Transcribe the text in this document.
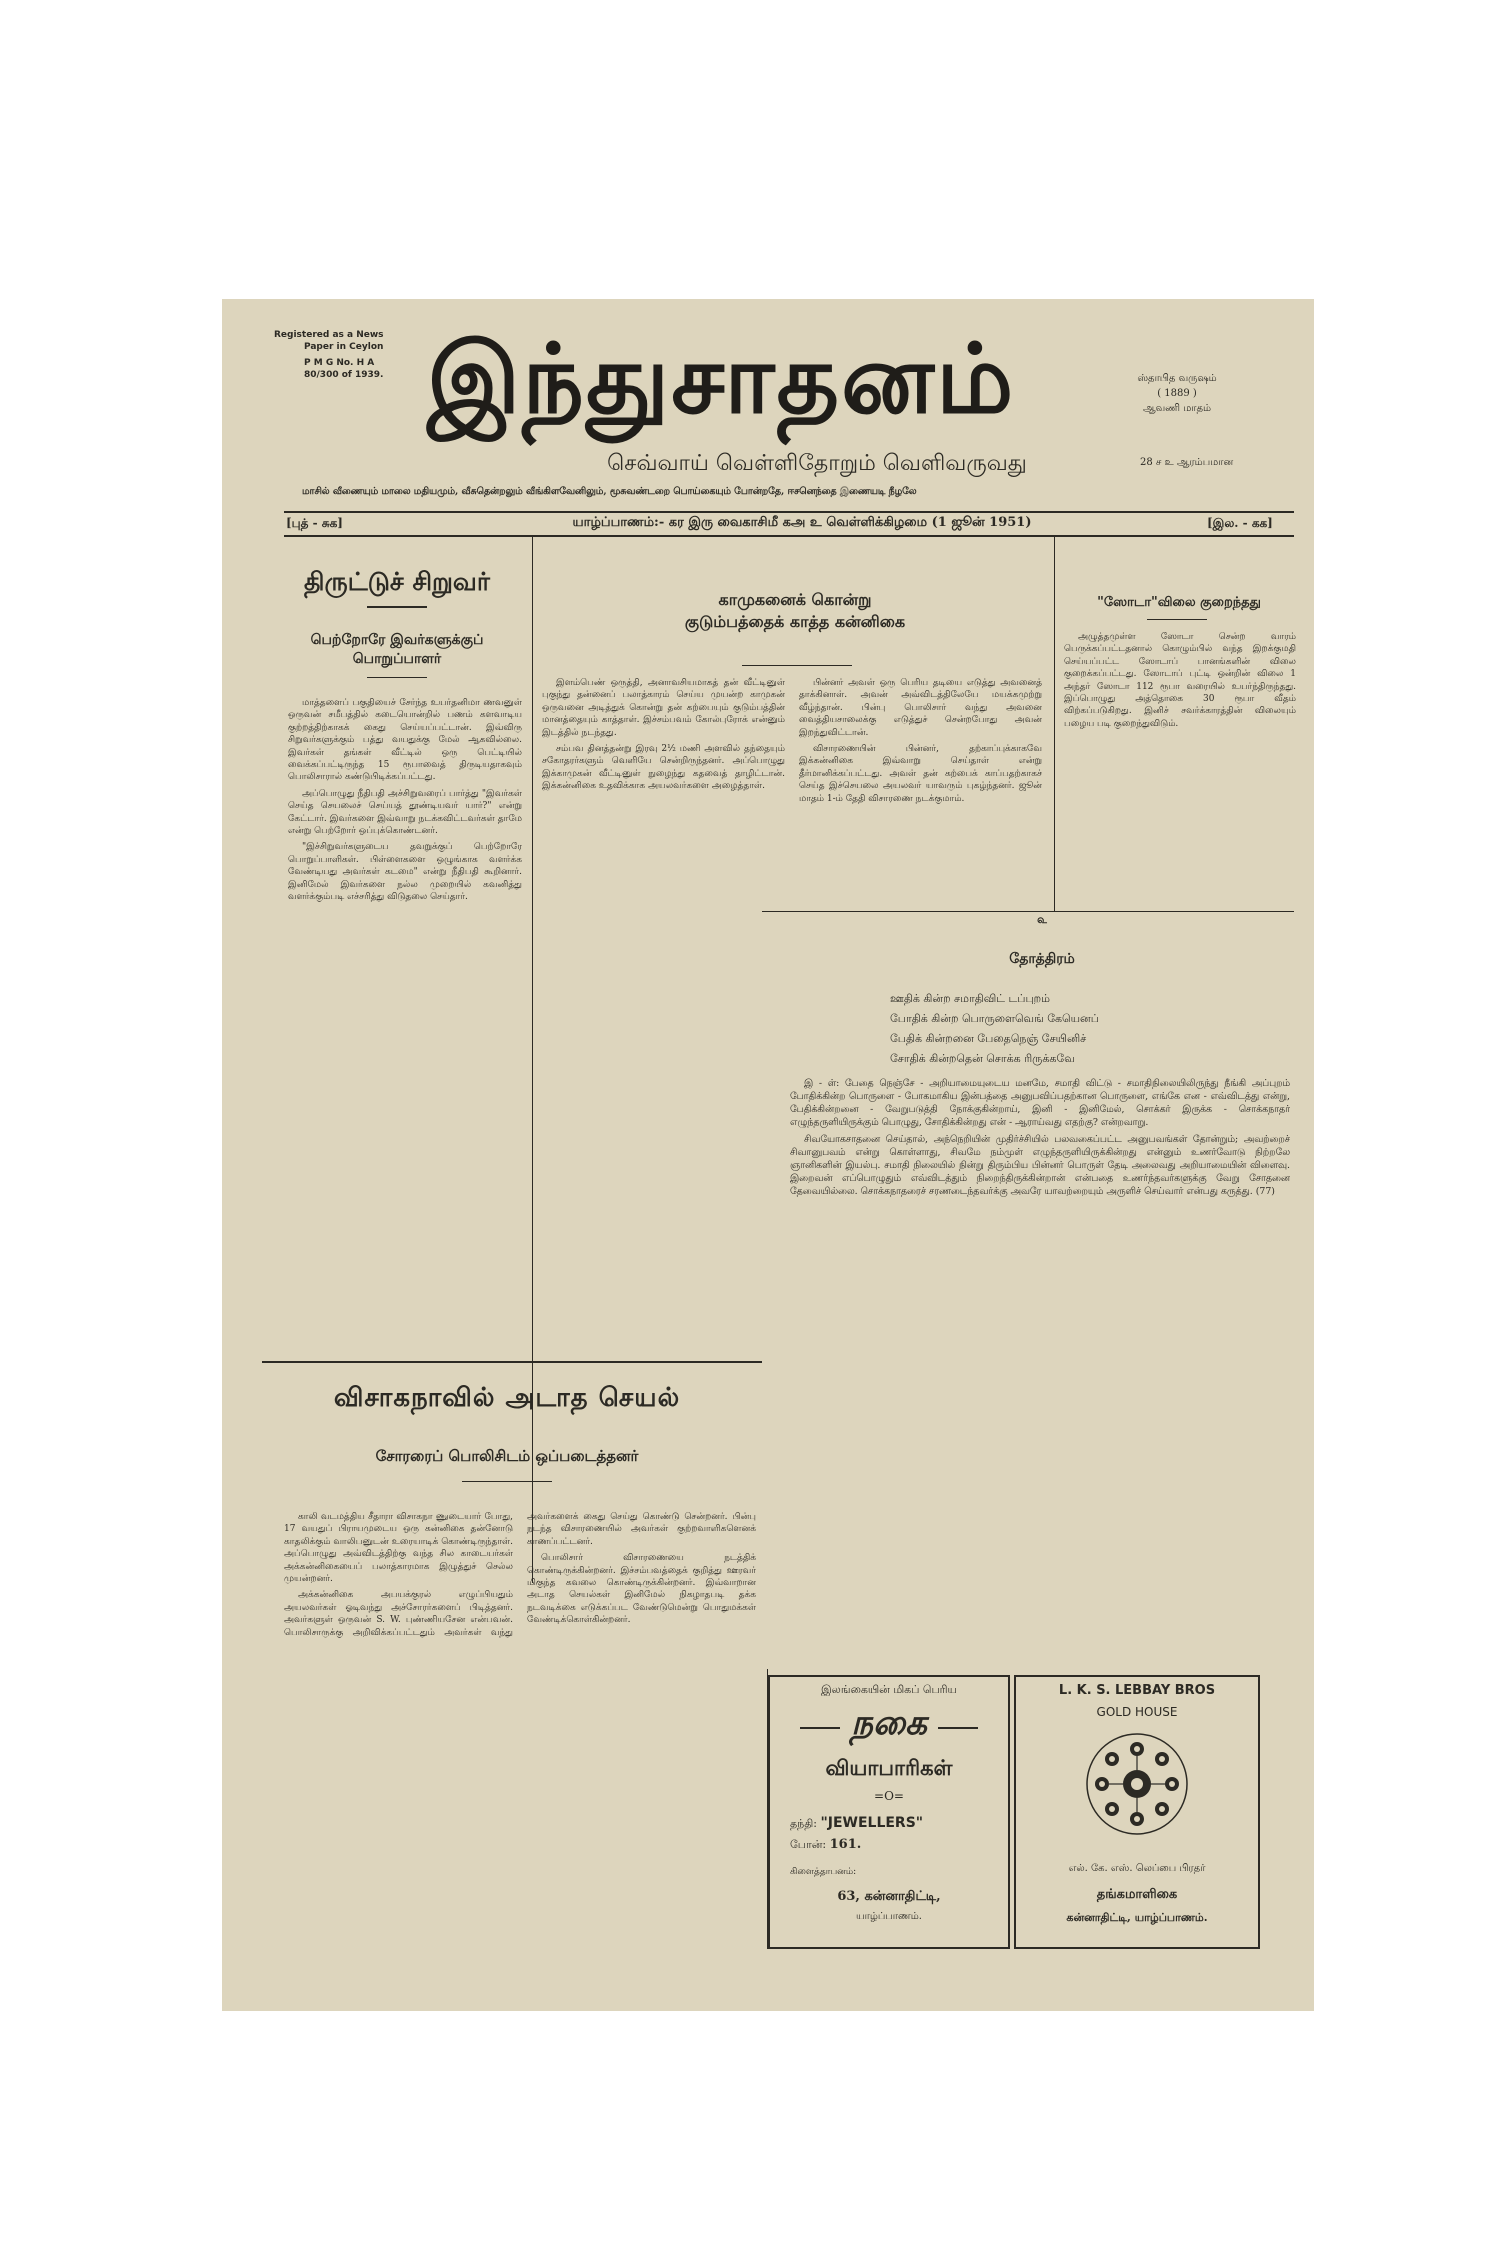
Registered as a News
Paper in Ceylon
P M G No. H A
80/300 of 1939. இந்துசாதனம்	ஸ்தாபித வருஷம்
( 1889 )
ஆவணி மாதம்
28 ச உ ஆரம்பமான
செவ்வாய் வெள்ளிதோறும் வெளிவருவது
மாசில் வீணையும் மாலை மதியமும், வீசுதென்றலும் வீங்கிளவேனிலும், மூசுவண்டறை பொய்கையும் போன்றதே, ஈசனெந்தை இணையடி நீழலே
[புத் - சுக]	யாழ்ப்பாணம்:- கர இரு வைகாசிமீ கஅ உ வெள்ளிக்கிழமை (1 ஜூன் 1951)	[இல. - கக]
திருட்டுச் சிறுவர்
பெற்றோரே இவர்களுக்குப் பொறுப்பாளர்

மாத்தளைப் பகுதியைச் சேர்ந்த உயர்தனிமா ணவனுள் ஒருவன் சமீபத்தில் கடையொன்றில் பணம் களவாடிய குற்றத்திற்காகக் கைது செய்யப்பட்டான். இவ்விரு சிறுவர்களுக்கும் பத்து வயதுக்கு மேல் ஆகவில்லை. இவர்கள் தங்கள் வீட்டில் ஒரு பெட்டியில் வைக்கப்பட்டிருந்த 15 ரூபாவைத் திருடியதாகவும் பொலிசாரால் கண்டுபிடிக்கப்பட்டது.

அப்பொழுது நீதிபதி அச்சிறுவரைப் பார்த்து "இவர்கள் செய்த செயலைச் செய்யத் தூண்டியவர் யார்?" என்று கேட்டார். இவர்களை இவ்வாறு நடக்கவிட்டவர்கள் தாமே என்று பெற்றோர் ஒப்புக்கொண்டனர்.

"இச்சிறுவர்களுடைய தவறுக்குப் பெற்றோரே பொறுப்பாளிகள். பிள்ளைகளை ஒழுங்காக வளர்க்க வேண்டியது அவர்கள் கடமை" என்று நீதிபதி கூறினார். இனிமேல் இவர்களை நல்ல முறையில் கவனித்து வளர்க்கும்படி எச்சரித்து விடுதலை செய்தார்.

காமுகனைக் கொன்று
குடும்பத்தைக் காத்த கன்னிகை

இளம்பெண் ஒருத்தி, அனாவசியமாகத் தன் வீட்டினுள் புகுந்து தன்னைப் பலாத்காரம் செய்ய முயன்ற காமுகன் ஒருவனை அடித்துக் கொன்று தன் கற்பையும் குடும்பத்தின் மானத்தையும் காத்தாள். இச்சம்பவம் கோல்புரோக் என்னும் இடத்தில் நடந்தது.

சம்பவ தினத்தன்று இரவு 2½ மணி அளவில் தந்தையும் சகோதரர்களும் வெளியே சென்றிருந்தனர். அப்பொழுது இக்காமுகன் வீட்டினுள் நுழைந்து கதவைத் தாழிட்டான். இக்கன்னிகை உதவிக்காக அயலவர்களை அழைத்தாள்.

பின்னர் அவள் ஒரு பெரிய தடியை எடுத்து அவனைத் தாக்கினாள். அவன் அவ்விடத்திலேயே மயக்கமுற்று வீழ்ந்தான். பின்பு பொலிசார் வந்து அவனை வைத்தியசாலைக்கு எடுத்துச் சென்றபோது அவன் இறந்துவிட்டான்.

விசாரணையின் பின்னர், தற்காப்புக்காகவே இக்கன்னிகை இவ்வாறு செய்தாள் என்று தீர்மானிக்கப்பட்டது. அவள் தன் கற்பைக் காப்பதற்காகச் செய்த இச்செயலை அயலவர் யாவரும் புகழ்ந்தனர். ஜூன் மாதம் 1-ம் தேதி விசாரணை நடக்குமாம்.

"ஸோடா"விலை குறைந்தது

அழுத்தமுள்ள ஸோடா சென்ற வாரம் பெருக்கப்பட்டதனால் கொழும்பில் வந்த இறக்குமதி செய்யப்பட்ட ஸோடாப் பானங்களின் விலை குறைக்கப்பட்டது. ஸோடாப் புட்டி ஒன்றின் விலை 1 அந்தர் ஸோடா 112 ரூபா வரையில் உயர்ந்திருந்தது. இப்பொழுது அத்தொகை 30 ரூபா வீதம் விற்கப்படுகிறது. இனிச் சவர்க்காரத்தின் விலையும் பழைய படி குறைந்துவிடும்.

௳
தோத்திரம்
ஊதிக் கின்ற சமாதிவிட் டப்புறம்
போதிக் கின்ற பொருளைவெங் கேயெனப்
பேதிக் கின்றனை பேதைநெஞ் சேயினிச்
சோதிக் கின்றதென் சொக்க ரிருக்கவே

இ - ள்: பேதை நெஞ்சே - அறியாமையுடைய மனமே, சமாதி விட்டு - சமாதிநிலையிலிருந்து நீங்கி அப்புறம் போதிக்கின்ற பொருளை - போகமாகிய இன்பத்தை அனுபவிப்பதற்கான பொருளை, எங்கே என - எவ்விடத்து என்று, பேதிக்கின்றனை - வேறுபடுத்தி நோக்குகின்றாய், இனி - இனிமேல், சொக்கர் இருக்க - சொக்கநாதர் எழுந்தருளியிருக்கும் பொழுது, சோதிக்கின்றது என் - ஆராய்வது எதற்கு? என்றவாறு.

சிவயோகசாதனை செய்தால், அந்நெறியின் முதிர்ச்சியில் பலவகைப்பட்ட அனுபவங்கள் தோன்றும்; அவற்றைச் சிவானுபவம் என்று கொள்ளாது, சிவமே நம்முள் எழுந்தருளியிருக்கின்றது என்னும் உணர்வோடு நிற்றலே ஞானிகளின் இயல்பு. சமாதி நிலையில் நின்று திரும்பிய பின்னர் பொருள் தேடி அலைவது அறியாமையின் விளைவு. இறைவன் எப்பொழுதும் எவ்விடத்தும் நிறைந்திருக்கின்றான் என்பதை உணர்ந்தவர்களுக்கு வேறு சோதனை தேவையில்லை. சொக்கநாதரைச் சரணடைந்தவர்க்கு அவரே யாவற்றையும் அருளிச் செய்வார் என்பது கருத்து. (77)

விசாகநாவில் அடாத செயல்
சோரரைப் பொலிசிடம் ஒப்படைத்தனர்

காலி வடமத்திய சீதாரா விசாகநா ணுடையார் போது, 17 வயதுப் பிராயமுடைய ஒரு கன்னிகை தன்னோடு காதலிக்கும் வாலிபனுடன் உரையாடிக் கொண்டிருந்தாள். அப்பொழுது அவ்விடத்திற்கு வந்த சில காடையர்கள் அக்கன்னிகையைப் பலாத்காரமாக இழுத்துச் செல்ல முயன்றனர்.

அக்கன்னிகை அபயக்குரல் எழுப்பியதும் அயலவர்கள் ஓடிவந்து அச்சோரர்களைப் பிடித்தனர். அவர்களுள் ஒருவன் S. W. புண்ணியசேன என்பவன். பொலிசாருக்கு அறிவிக்கப்பட்டதும் அவர்கள் வந்து அவர்களைக் கைது செய்து கொண்டு சென்றனர். பின்பு நடந்த விசாரணையில் அவர்கள் குற்றவாளிகளெனக் காணப்பட்டனர்.

பொலிசார் விசாரணையை நடத்திக் கொண்டிருக்கின்றனர். இச்சம்பவத்தைக் குறித்து ஊரவர் மிகுந்த கவலை கொண்டிருக்கின்றனர். இவ்வாறான அடாத செயல்கள் இனிமேல் நிகழாதபடி தக்க நடவடிக்கை எடுக்கப்பட வேண்டுமென்று பொதுமக்கள் வேண்டிக்கொள்கின்றனர்.

இலங்கையின் மிகப் பெரிய
நகை
வியாபாரிகள்
=O=
தந்தி: "JEWELLERS"
போன்: 161.
கிளைத்தாபனம்:
63, கன்னாதிட்டி,
யாழ்ப்பாணம்.
L. K. S. LEBBAY BROS
GOLD HOUSE
எல். கே. எஸ். லெப்பை பிரதர்
தங்கமாளிகை
கன்னாதிட்டி, யாழ்ப்பாணம்.
